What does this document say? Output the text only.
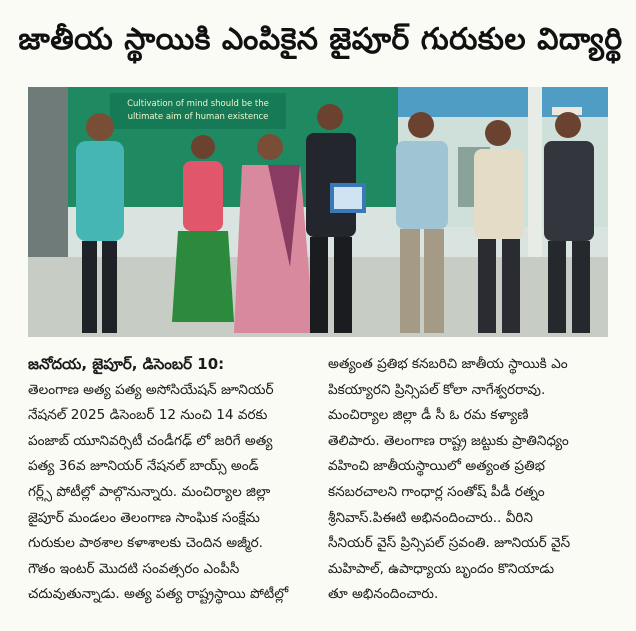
జాతీయ స్థాయికి ఎంపికైన జైపూర్ గురుకుల విద్యార్థి
Cultivation of mind should be the
ultimate aim of human existence
జనోదయ, జైపూర్, డిసెంబర్ 10:
తెలంగాణ అత్య పత్య అసోసియేషన్ జూనియర్
నేషనల్ 2025 డిసెంబర్ 12 నుంచి 14 వరకు
పంజాబ్ యూనివర్సిటీ చండీగఢ్ లో జరిగే అత్య
పత్య 36వ జూనియర్ నేషనల్ బాయ్స్ అండ్
గర్ల్స్ పోటీల్లో పాల్గొనున్నారు. మంచిర్యాల జిల్లా
జైపూర్ మండలం తెలంగాణ సాంఘిక సంక్షేమ
గురుకుల పాఠశాల కళాశాలకు చెందిన అజ్మీర.
గౌతం ఇంటర్ మొదటి సంవత్సరం ఎంపీసీ
చదువుతున్నాడు. అత్య పత్య రాష్ట్రస్థాయి పోటీల్లో
అత్యంత ప్రతిభ కనబరిచి జాతీయ స్థాయికి ఎం
పికయ్యారని ప్రిన్సిపల్ కోలా నాగేశ్వరరావు.
మంచిర్యాల జిల్లా డీ సీ ఓ రమ కళ్యాణి
తెలిపారు. తెలంగాణ రాష్ట్ర జట్టుకు ప్రాతినిధ్యం
వహించి జాతీయస్థాయిలో అత్యంత ప్రతిభ
కనబరచాలని గాంధార్ల సంతోష్ పీడీ రత్నం
శ్రీనివాస్.పిఈటి అభినందించారు.. వీరిని
సీనియర్ వైస్ ప్రిన్సిపల్ స్రవంతి. జూనియర్ వైస్
మహిపాల్, ఉపాధ్యాయ బృందం కొనియాడు
తూ అభినందించారు.
